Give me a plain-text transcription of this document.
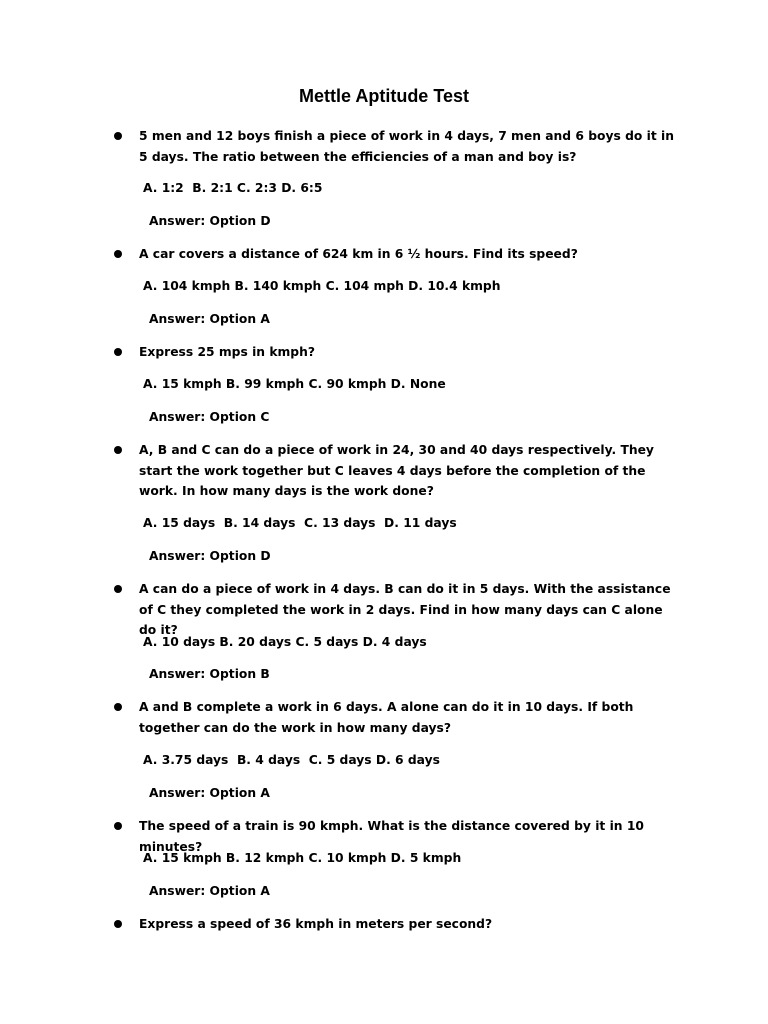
Mettle Aptitude Test
5 men and 12 boys finish a piece of work in 4 days, 7 men and 6 boys do it in 5 days. The ratio between the efficiencies of a man and boy is?
A. 1:2  B. 2:1 C. 2:3 D. 6:5
Answer: Option D
A car covers a distance of 624 km in 6 ½ hours. Find its speed?
A. 104 kmph B. 140 kmph C. 104 mph D. 10.4 kmph
Answer: Option A
Express 25 mps in kmph?
A. 15 kmph B. 99 kmph C. 90 kmph D. None
Answer: Option C
A, B and C can do a piece of work in 24, 30 and 40 days respectively. They start the work together but C leaves 4 days before the completion of the work. In how many days is the work done?
A. 15 days  B. 14 days  C. 13 days  D. 11 days
Answer: Option D
A can do a piece of work in 4 days. B can do it in 5 days. With the assistance of C they completed the work in 2 days. Find in how many days can C alone do it?
A. 10 days B. 20 days C. 5 days D. 4 days
Answer: Option B
A and B complete a work in 6 days. A alone can do it in 10 days. If both together can do the work in how many days?
A. 3.75 days  B. 4 days  C. 5 days D. 6 days
Answer: Option A
The speed of a train is 90 kmph. What is the distance covered by it in 10 minutes?
A. 15 kmph B. 12 kmph C. 10 kmph D. 5 kmph
Answer: Option A
Express a speed of 36 kmph in meters per second?
